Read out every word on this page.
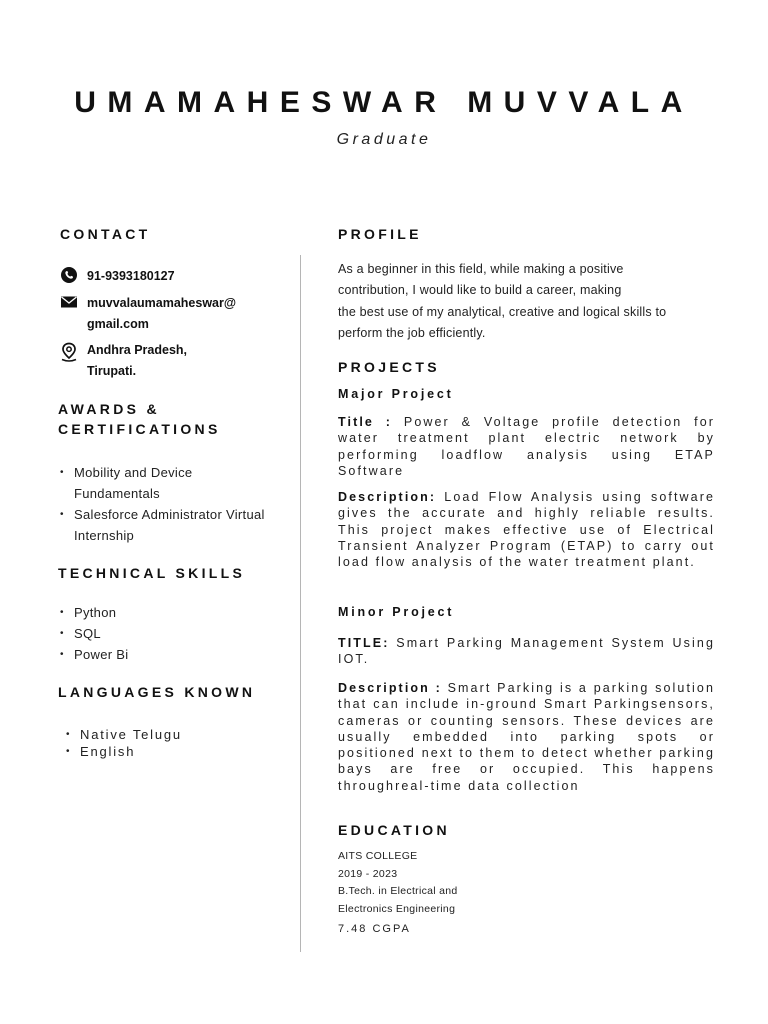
UMAMAHESWAR MUVVALA
Graduate
CONTACT
91-9393180127
muvvalaumamaheswar@
gmail.com
Andhra Pradesh,
Tirupati.
AWARDS &
CERTIFICATIONS
• Mobility and Device
Fundamentals
• Salesforce Administrator Virtual
Internship
TECHNICAL SKILLS
• Python
• SQL
• Power Bi
LANGUAGES KNOWN
• Native Telugu
• English
PROFILE
As a beginner in this field, while making a positive
contribution, I would like to build a career, making
the best use of my analytical, creative and logical skills to
perform the job efficiently.
PROJECTS
Major Project
Title : Power & Voltage profile detection for water treatment plant electric network by performing loadflow analysis using ETAP Software
Description: Load Flow Analysis using software gives the accurate and highly reliable results. This project makes effective use of Electrical Transient Analyzer Program (ETAP) to carry out load flow analysis of the water treatment plant.
Minor Project
TITLE: Smart Parking Management System Using IOT.
Description : Smart Parking is a parking solution that can include in-ground Smart Parkingsensors, cameras or counting sensors. These devices are usually embedded into parking spots or positioned next to them to detect whether parking bays are free or occupied. This happens throughreal-time data collection
EDUCATION
AITS COLLEGE
2019 - 2023
B.Tech. in Electrical and
Electronics Engineering
7.48 CGPA
